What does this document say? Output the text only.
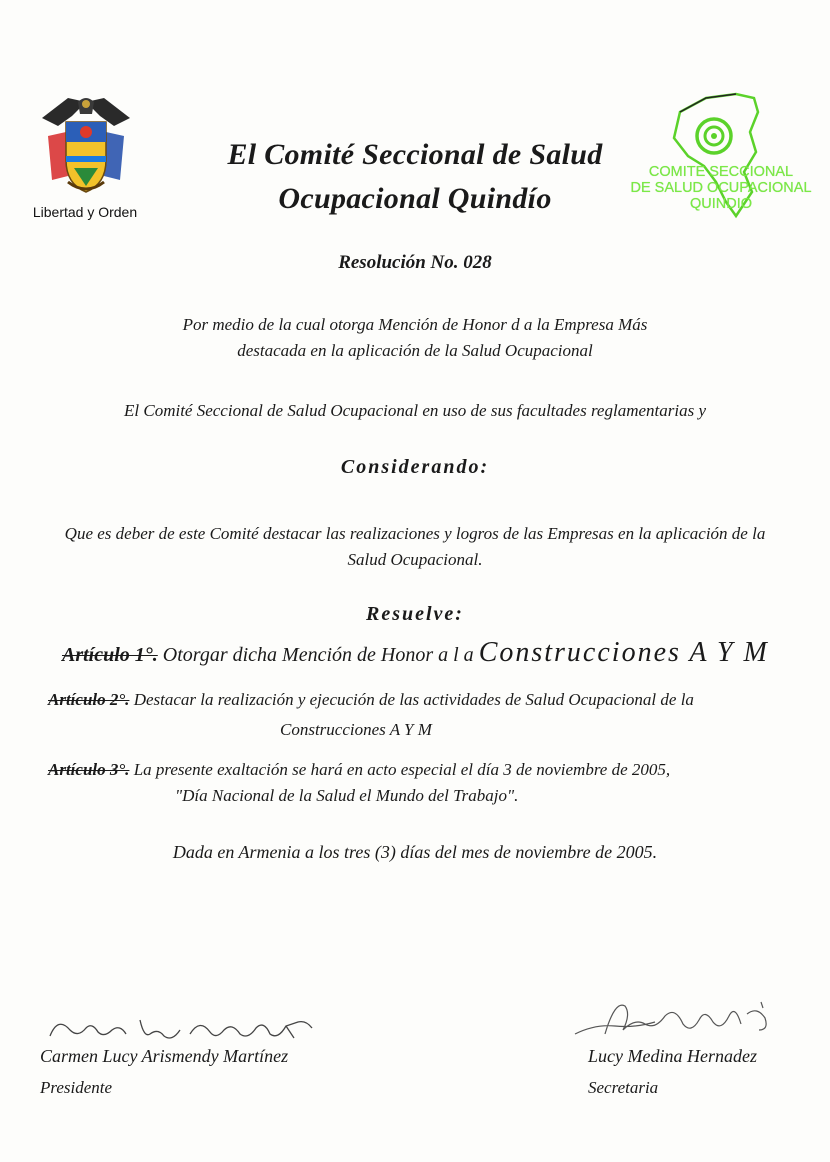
Libertad y Orden
COMITE SECCIONAL
DE SALUD OCUPACIONAL
QUINDIO
El Comité Seccional de Salud
Ocupacional Quindío
Resolución No. 028
Por medio de la cual otorga Mención de Honor d a la Empresa Más
destacada en la aplicación de la Salud Ocupacional
El Comité Seccional de Salud Ocupacional en uso de sus facultades reglamentarias y
Considerando:
Que es deber de este Comité destacar las realizaciones y logros de las Empresas en la aplicación de la
Salud Ocupacional.
Resuelve:
Artículo 1°. Otorgar dicha Mención de Honor a l a Construcciones A Y M
Artículo 2°. Destacar la realización y ejecución de las actividades de Salud Ocupacional de la
Construcciones A Y M
Artículo 3°. La presente exaltación se hará en acto especial el día 3 de noviembre de 2005,
"Día Nacional de la Salud el Mundo del Trabajo".
Dada en Armenia a los tres (3) días del mes de noviembre de 2005.
Carmen Lucy Arismendy Martínez
Presidente
Lucy Medina Hernadez
Secretaria
